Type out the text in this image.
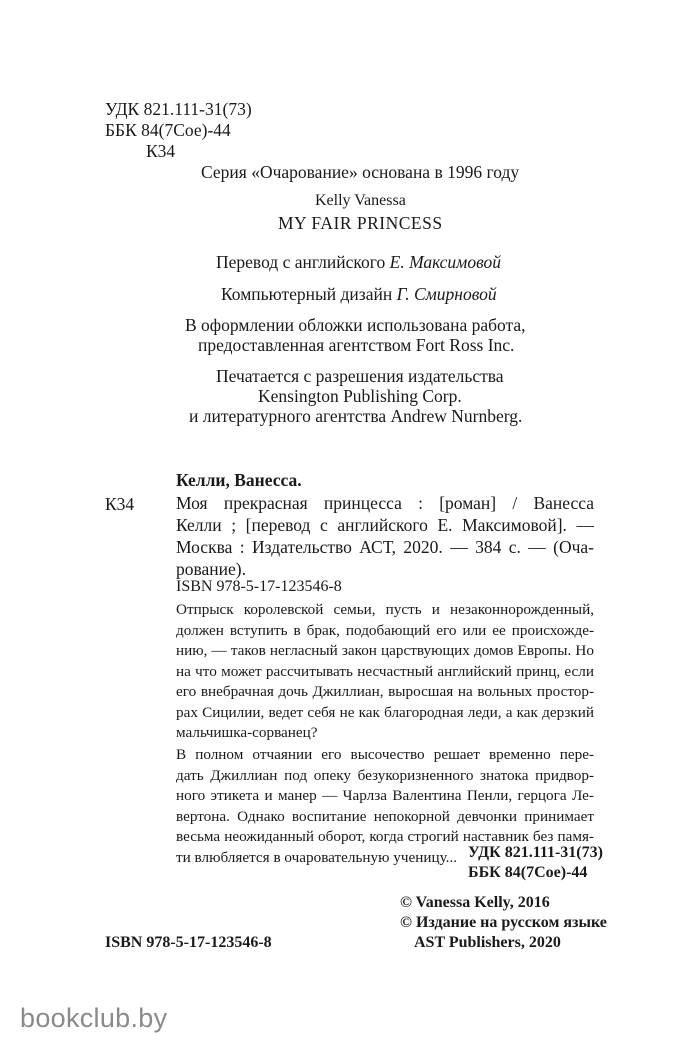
УДК 821.111-31(73)
ББК 84(7Сое)-44
К34
Серия «Очарование» основана в 1996 году
Kelly Vanessa
MY FAIR PRINCESS
Перевод с английского Е. Максимовой
Компьютерный дизайн Г. Смирновой
В оформлении обложки использована работа,
предоставленная агентством Fort Ross Inc.
Печатается с разрешения издательства
Kensington Publishing Corp.
и литературного агентства Andrew Nurnberg.
Келли, Ванесса.
К34 Моя прекрасная принцесса : [роман] / Ванесса
Келли ; [перевод с английского Е. Максимовой]. —
Москва : Издательство АСТ, 2020. — 384 с. — (Оча-
рование).
ISBN 978-5-17-123546-8
Отпрыск королевской семьи, пусть и незаконнорожденный,
должен вступить в брак, подобающий его или ее происхожде-
нию, — таков негласный закон царствующих домов Европы. Но
на что может рассчитывать несчастный английский принц, если
его внебрачная дочь Джиллиан, выросшая на вольных простор-
рах Сицилии, ведет себя не как благородная леди, а как дерзкий
мальчишка-сорванец?
В полном отчаянии его высочество решает временно пере-
дать Джиллиан под опеку безукоризненного знатока придвор-
ного этикета и манер — Чарлза Валентина Пенли, герцога Ле-
вертона. Однако воспитание непокорной девчонки принимает
весьма неожиданный оборот, когда строгий наставник без памя-
ти влюбляется в очаровательную ученицу... УДК 821.111-31(73)
ББК 84(7Сое)-44
© Vanessa Kelly, 2016
© Издание на русском языке
AST Publishers, 2020
ISBN 978-5-17-123546-8
bookclub.by
